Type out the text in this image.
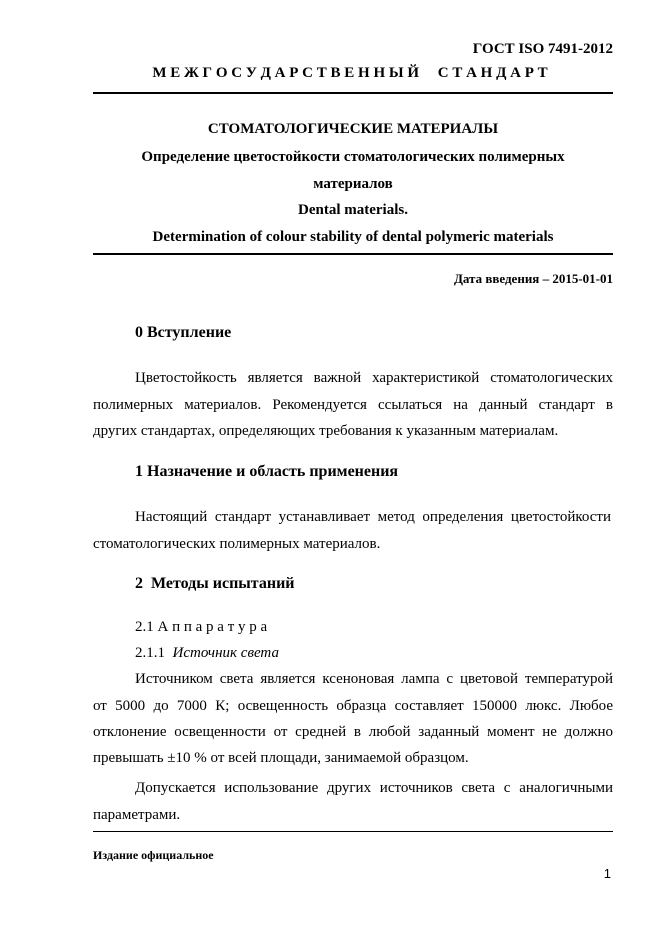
ГОСТ ISO 7491-2012
М Е Ж Г О С У Д А Р С Т В Е Н Н Ы Й     С Т А Н Д А Р Т
СТОМАТОЛОГИЧЕСКИЕ МАТЕРИАЛЫ
Определение цветостойкости стоматологических полимерных
материалов
Dental materials.
Determination of colour stability of dental polymeric materials
Дата введения – 2015-01-01
0 Вступление
Цветостойкость является важной характеристикой стоматологических
полимерных материалов. Рекомендуется ссылаться на данный стандарт в
других стандартах, определяющих требования к указанным материалам.
1 Назначение и область применения
Настоящий стандарт устанавливает метод определения цветостойкости
стоматологических полимерных материалов.
2  Методы испытаний
2.1 А п п а р а т у р а
2.1.1 Источник света
Источником света является ксеноновая лампа с цветовой температурой
от 5000 до 7000 К; освещенность образца составляет 150000 люкс. Любое
отклонение освещенности от средней в любой заданный момент не должно
превышать ±10 % от всей площади, занимаемой образцом.
Допускается использование других источников света с аналогичными
параметрами.
Издание официальное
1
